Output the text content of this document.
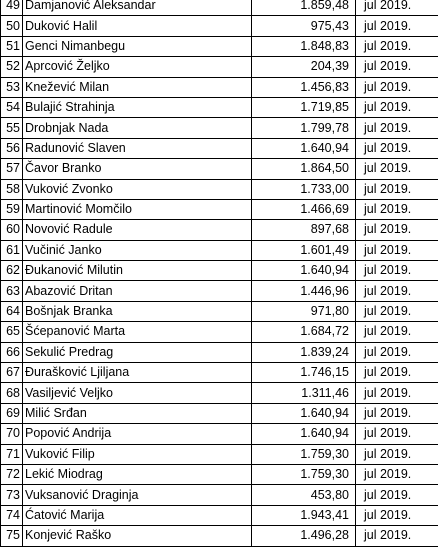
49	Damjanović Aleksandar	1.859,48	jul 2019.
50	Duković Halil	975,43	jul 2019.
51	Genci Nimanbegu	1.848,83	jul 2019.
52	Aprcović Željko	204,39	jul 2019.
53	Knežević Milan	1.456,83	jul 2019.
54	Bulajić Strahinja	1.719,85	jul 2019.
55	Drobnjak Nada	1.799,78	jul 2019.
56	Radunović Slaven	1.640,94	jul 2019.
57	Čavor Branko	1.864,50	jul 2019.
58	Vuković Zvonko	1.733,00	jul 2019.
59	Martinović Momčilo	1.466,69	jul 2019.
60	Novović Radule	897,68	jul 2019.
61	Vučinić Janko	1.601,49	jul 2019.
62	Đukanović Milutin	1.640,94	jul 2019.
63	Abazović Dritan	1.446,96	jul 2019.
64	Bošnjak Branka	971,80	jul 2019.
65	Šćepanović Marta	1.684,72	jul 2019.
66	Sekulić Predrag	1.839,24	jul 2019.
67	Đurašković Ljiljana	1.746,15	jul 2019.
68	Vasiljević Veljko	1.311,46	jul 2019.
69	Milić Srđan	1.640,94	jul 2019.
70	Popović Andrija	1.640,94	jul 2019.
71	Vuković Filip	1.759,30	jul 2019.
72	Lekić Miodrag	1.759,30	jul 2019.
73	Vuksanović Draginja	453,80	jul 2019.
74	Ćatović Marija	1.943,41	jul 2019.
75	Konjević Raško	1.496,28	jul 2019.
